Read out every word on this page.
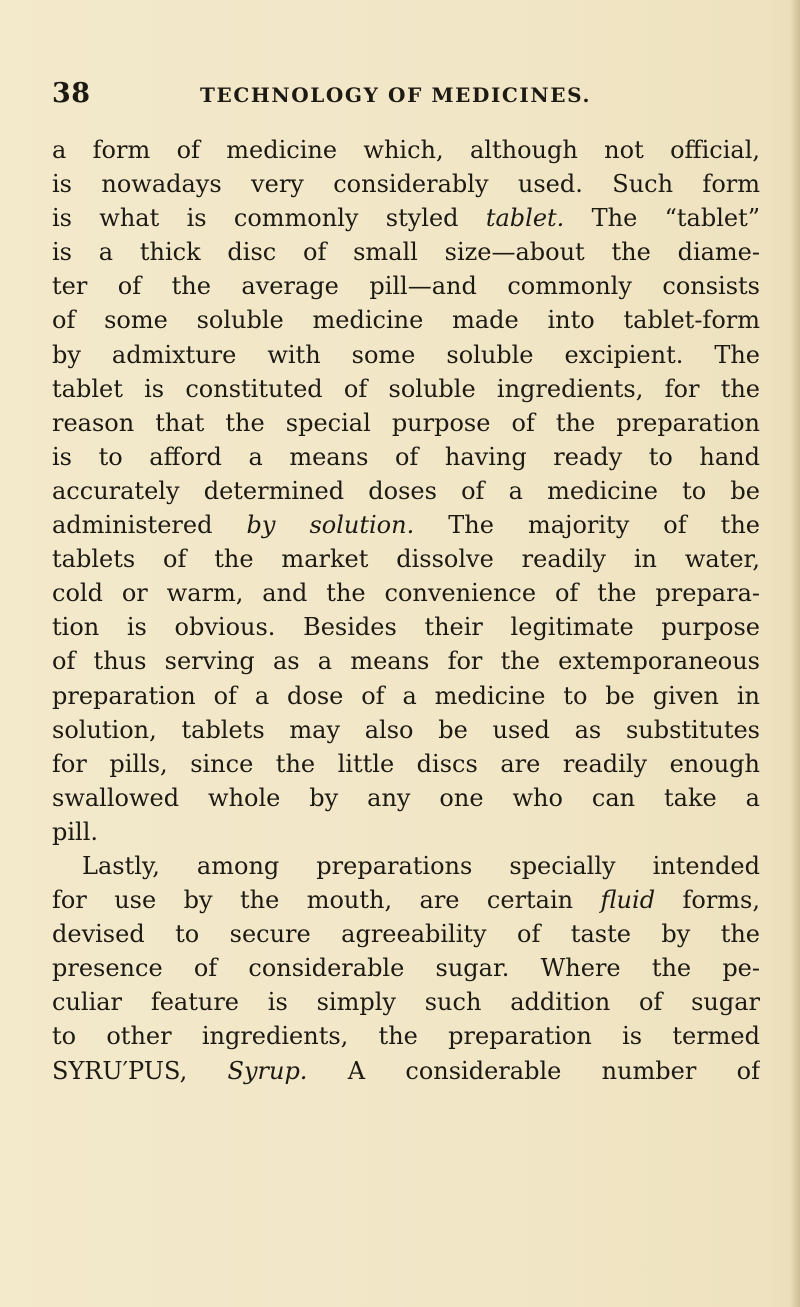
38	TECHNOLOGY OF MEDICINES.
a form of medicine which, although not official,
is nowadays very considerably used. Such form
is what is commonly styled tablet. The “tablet”
is a thick disc of small size—about the diame-
ter of the average pill—and commonly consists
of some soluble medicine made into tablet-form
by admixture with some soluble excipient. The
tablet is constituted of soluble ingredients, for the
reason that the special purpose of the preparation
is to afford a means of having ready to hand
accurately determined doses of a medicine to be
administered by solution. The majority of the
tablets of the market dissolve readily in water,
cold or warm, and the convenience of the prepara-
tion is obvious. Besides their legitimate purpose
of thus serving as a means for the extemporaneous
preparation of a dose of a medicine to be given in
solution, tablets may also be used as substitutes
for pills, since the little discs are readily enough
swallowed whole by any one who can take a
pill.
Lastly, among preparations specially intended
for use by the mouth, are certain fluid forms,
devised to secure agreeability of taste by the
presence of considerable sugar. Where the pe-
culiar feature is simply such addition of sugar
to other ingredients, the preparation is termed
SYRU′PUS, Syrup. A considerable number of
